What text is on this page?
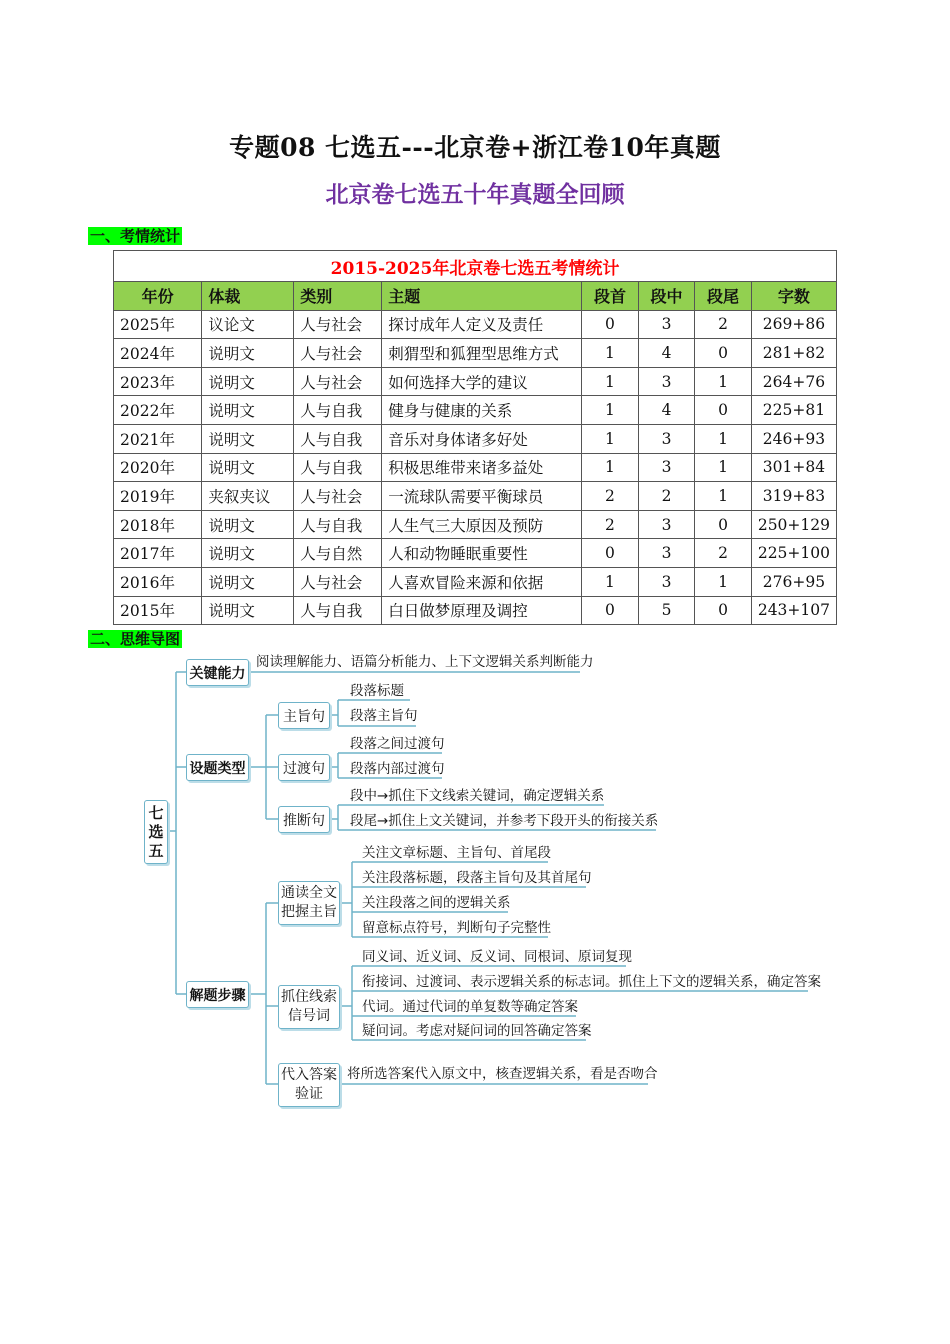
专题08 七选五---北京卷+浙江卷10年真题
北京卷七选五十年真题全回顾
一、考情统计
2015-2025年北京卷七选五考情统计							
年份	体裁	类别	主题	段首	段中	段尾	字数
2025年	议论文	人与社会	探讨成年人定义及责任	0	3	2	269+86
2024年	说明文	人与社会	刺猬型和狐狸型思维方式	1	4	0	281+82
2023年	说明文	人与社会	如何选择大学的建议	1	3	1	264+76
2022年	说明文	人与自我	健身与健康的关系	1	4	0	225+81
2021年	说明文	人与自我	音乐对身体诸多好处	1	3	1	246+93
2020年	说明文	人与自我	积极思维带来诸多益处	1	3	1	301+84
2019年	夹叙夹议	人与社会	一流球队需要平衡球员	2	2	1	319+83
2018年	说明文	人与自我	人生气三大原因及预防	2	3	0	250+129
2017年	说明文	人与自然	人和动物睡眠重要性	0	3	2	225+100
2016年	说明文	人与社会	人喜欢冒险来源和依据	1	3	1	276+95
2015年	说明文	人与自我	白日做梦原理及调控	0	5	0	243+107
二、思维导图
七
选
五
关键能力
阅读理解能力、语篇分析能力、上下文逻辑关系判断能力
设题类型
主旨句
段落标题
段落主旨句
过渡句
段落之间过渡句
段落内部过渡句
推断句
段中→抓住下文线索关键词，确定逻辑关系
段尾→抓住上文关键词，并参考下段开头的衔接关系
解题步骤
通读全文
把握主旨
关注文章标题、主旨句、首尾段
关注段落标题，段落主旨句及其首尾句
关注段落之间的逻辑关系
留意标点符号，判断句子完整性
抓住线索
信号词
同义词、近义词、反义词、同根词、原词复现
衔接词、过渡词、表示逻辑关系的标志词。抓住上下文的逻辑关系，确定答案
代词。通过代词的单复数等确定答案
疑问词。考虑对疑问词的回答确定答案
代入答案
验证
将所选答案代入原文中，核查逻辑关系，看是否吻合
